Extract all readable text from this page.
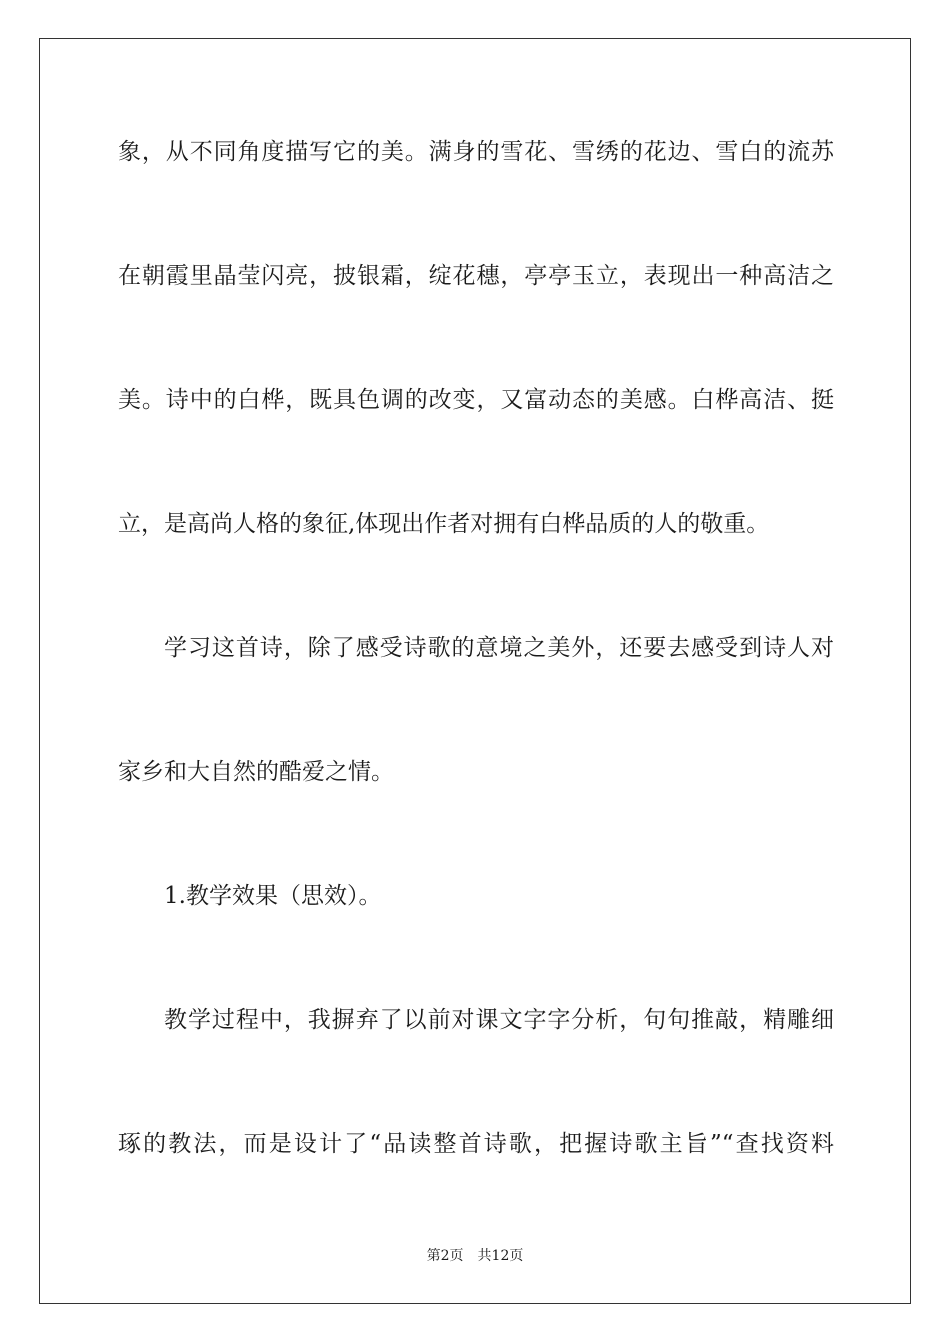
象，从不同角度描写它的美。满身的雪花、雪绣的花边、雪白的流苏
在朝霞里晶莹闪亮，披银霜，绽花穗，亭亭玉立，表现出一种高洁之
美。诗中的白桦，既具色调的改变，又富动态的美感。白桦高洁、挺
立，是高尚人格的象征,体现出作者对拥有白桦品质的人的敬重。
学习这首诗，除了感受诗歌的意境之美外，还要去感受到诗人对
家乡和大自然的酷爱之情。
1.教学效果（思效）。
教学过程中，我摒弃了以前对课文字字分析，句句推敲，精雕细
琢的教法，而是设计了“品读整首诗歌，把握诗歌主旨”“查找资料
第2页 共12页
